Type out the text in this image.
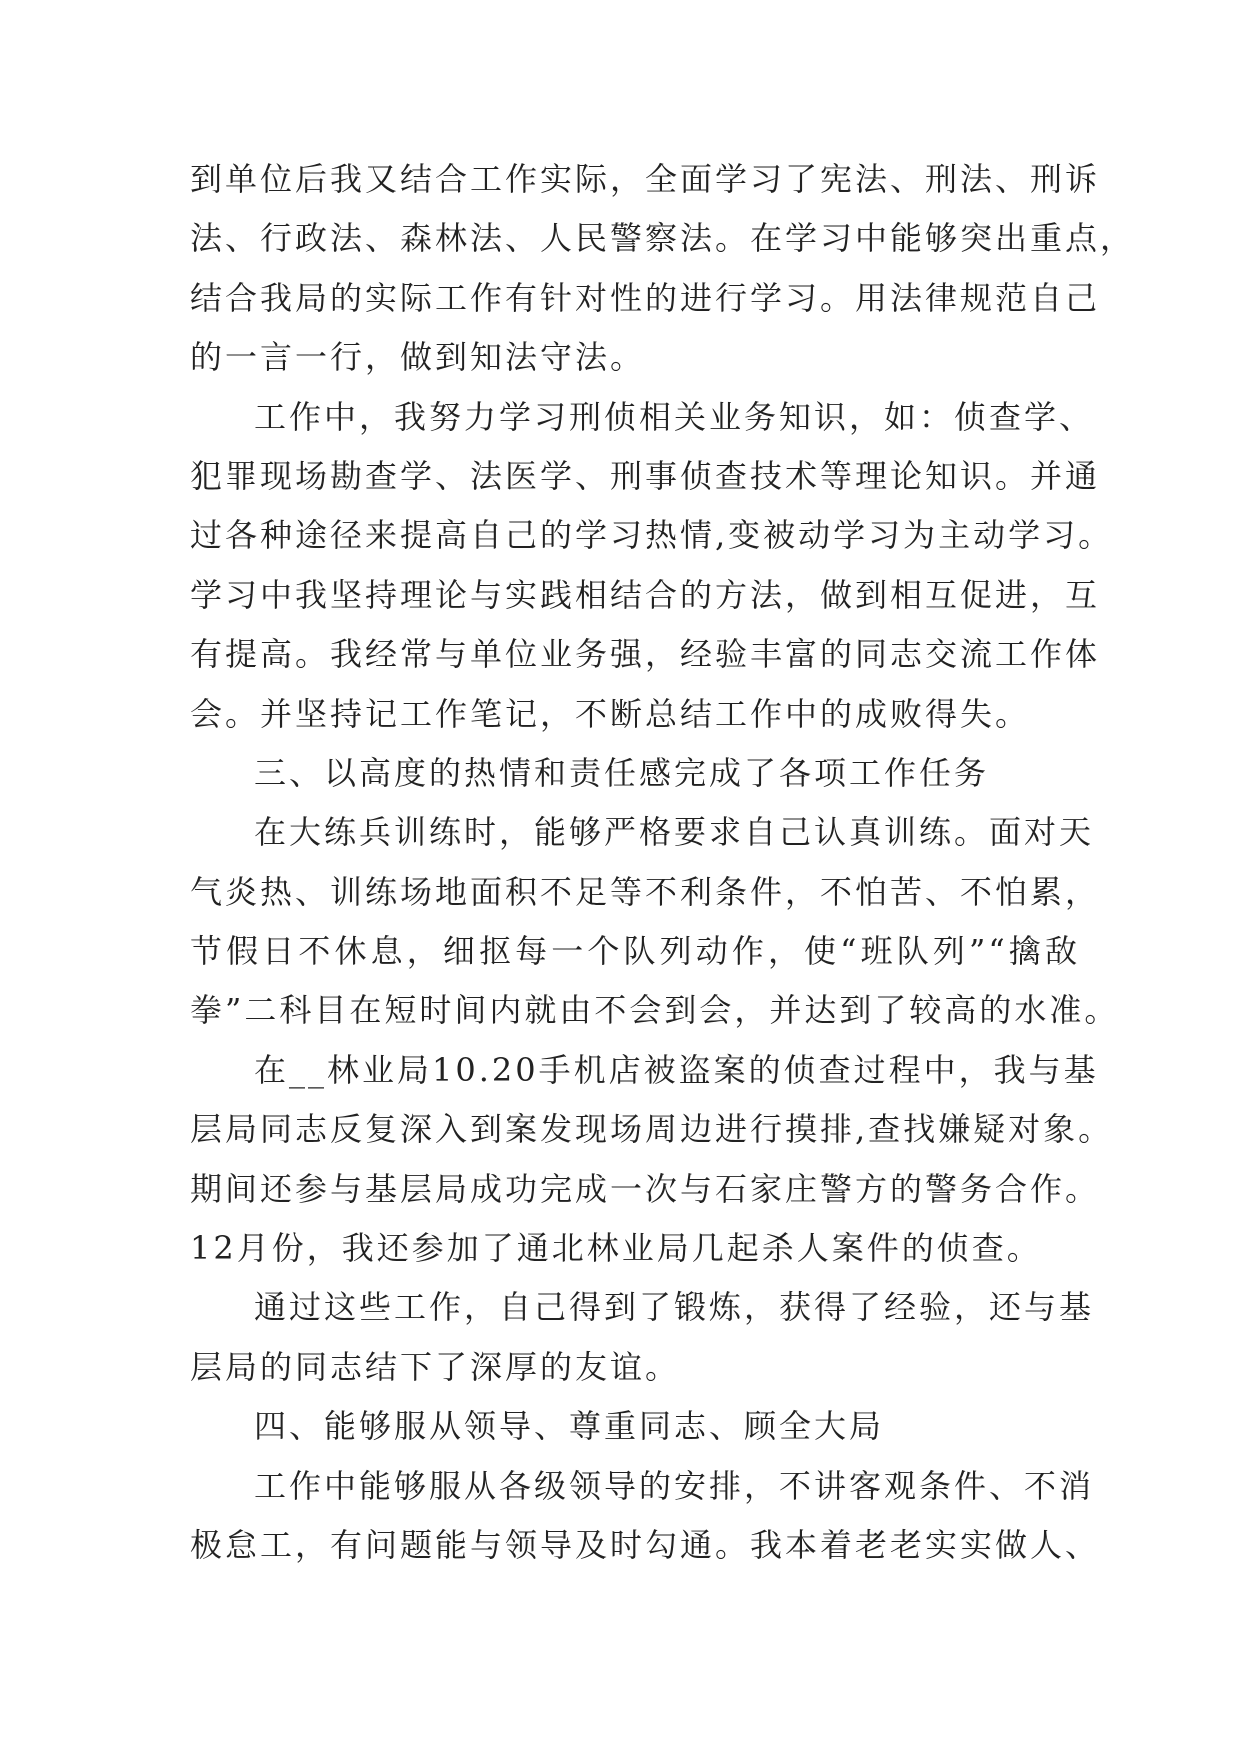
到单位后我又结合工作实际，全面学习了宪法、刑法、刑诉
法、行政法、森林法、人民警察法。在学习中能够突出重点，
结合我局的实际工作有针对性的进行学习。用法律规范自己
的一言一行，做到知法守法。
工作中，我努力学习刑侦相关业务知识，如：侦查学、
犯罪现场勘查学、法医学、刑事侦查技术等理论知识。并通
过各种途径来提高自己的学习热情,变被动学习为主动学习。
学习中我坚持理论与实践相结合的方法，做到相互促进，互
有提高。我经常与单位业务强，经验丰富的同志交流工作体
会。并坚持记工作笔记，不断总结工作中的成败得失。
三、以高度的热情和责任感完成了各项工作任务
在大练兵训练时，能够严格要求自己认真训练。面对天
气炎热、训练场地面积不足等不利条件，不怕苦、不怕累，
节假日不休息，细抠每一个队列动作，使“班队列”“擒敌
拳”二科目在短时间内就由不会到会，并达到了较高的水准。
在__林业局10.20手机店被盗案的侦查过程中，我与基
层局同志反复深入到案发现场周边进行摸排,查找嫌疑对象。
期间还参与基层局成功完成一次与石家庄警方的警务合作。
12月份，我还参加了通北林业局几起杀人案件的侦查。
通过这些工作，自己得到了锻炼，获得了经验，还与基
层局的同志结下了深厚的友谊。
四、能够服从领导、尊重同志、顾全大局
工作中能够服从各级领导的安排，不讲客观条件、不消
极怠工，有问题能与领导及时勾通。我本着老老实实做人、
